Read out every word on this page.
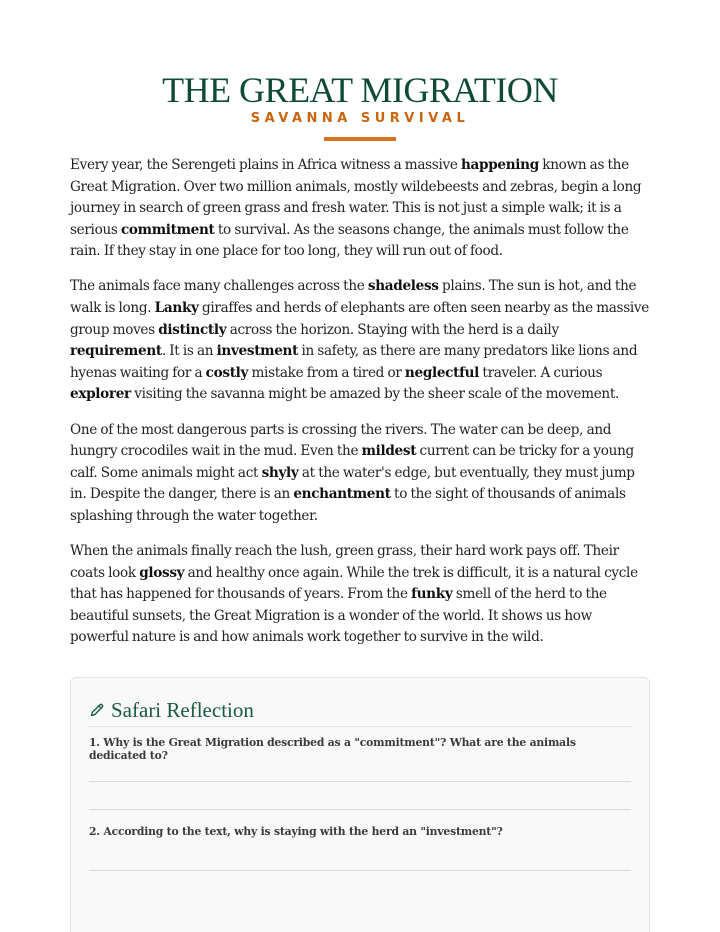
THE GREAT MIGRATION
SAVANNA SURVIVAL

Every year, the Serengeti plains in Africa witness a massive happening known as the Great Migration. Over two million animals, mostly wildebeests and zebras, begin a long journey in search of green grass and fresh water. This is not just a simple walk; it is a serious commitment to survival. As the seasons change, the animals must follow the rain. If they stay in one place for too long, they will run out of food.

The animals face many challenges across the shadeless plains. The sun is hot, and the walk is long. Lanky giraffes and herds of elephants are often seen nearby as the massive group moves distinctly across the horizon. Staying with the herd is a daily requirement. It is an investment in safety, as there are many predators like lions and hyenas waiting for a costly mistake from a tired or neglectful traveler. A curious explorer visiting the savanna might be amazed by the sheer scale of the movement.

One of the most dangerous parts is crossing the rivers. The water can be deep, and hungry crocodiles wait in the mud. Even the mildest current can be tricky for a young calf. Some animals might act shyly at the water's edge, but eventually, they must jump in. Despite the danger, there is an enchantment to the sight of thousands of animals splashing through the water together.

When the animals finally reach the lush, green grass, their hard work pays off. Their coats look glossy and healthy once again. While the trek is difficult, it is a natural cycle that has happened for thousands of years. From the funky smell of the herd to the beautiful sunsets, the Great Migration is a wonder of the world. It shows us how powerful nature is and how animals work together to survive in the wild.

Safari Reflection
1. Why is the Great Migration described as a "commitment"? What are the animals dedicated to?
2. According to the text, why is staying with the herd an "investment"?
